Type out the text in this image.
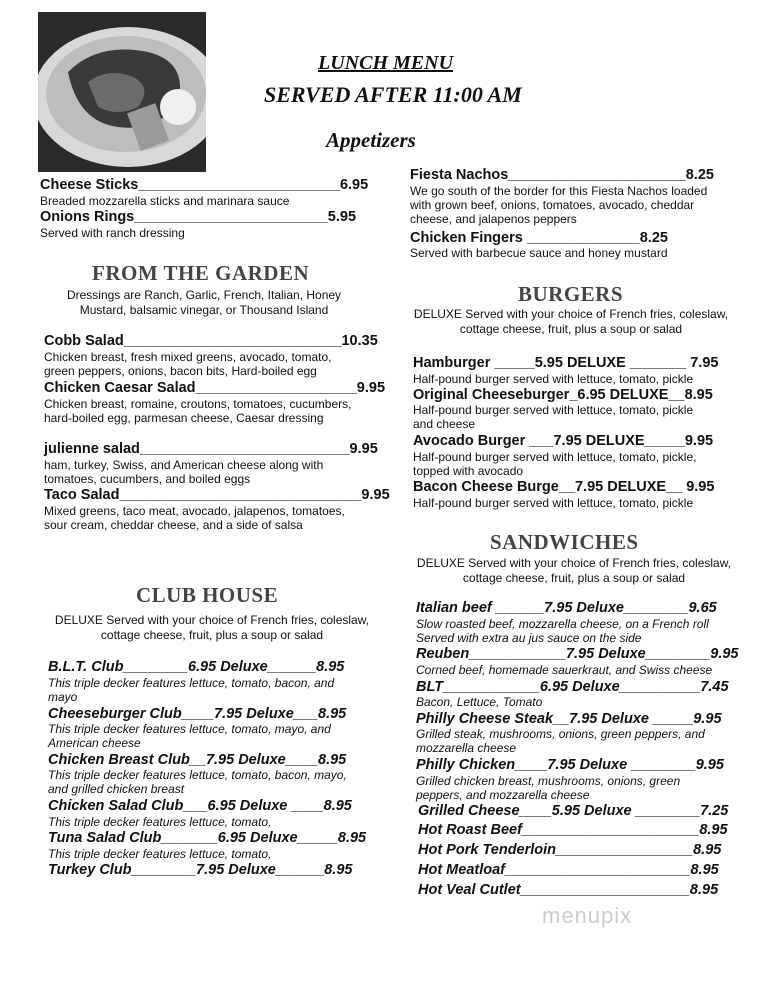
LUNCH MENU
SERVED AFTER 11:00 AM
Appetizers
Cheese Sticks_________________________6.95
Breaded mozzarella sticks and marinara sauce
Onions Rings________________________5.95
Served with ranch dressing
Fiesta Nachos______________________8.25
We go south of the border for this Fiesta Nachos loaded with grown beef, onions, tomatoes, avocado, cheddar cheese, and jalapenos peppers
Chicken Fingers ______________8.25
Served with barbecue sauce and honey mustard
FROM THE GARDEN
Dressings are Ranch, Garlic, French, Italian, Honey Mustard, balsamic vinegar, or Thousand Island
Cobb Salad___________________________10.35
Chicken breast, fresh mixed greens, avocado, tomato, green peppers, onions, bacon bits, Hard-boiled egg
Chicken Caesar Salad____________________9.95
Chicken breast, romaine, croutons, tomatoes, cucumbers, hard-boiled egg, parmesan cheese, Caesar dressing
julienne salad__________________________9.95
ham, turkey, Swiss, and American cheese along with tomatoes, cucumbers, and boiled eggs
Taco Salad______________________________9.95
Mixed greens, taco meat, avocado, jalapenos, tomatoes, sour cream, cheddar cheese, and a side of salsa
BURGERS
DELUXE Served with your choice of French fries, coleslaw, cottage cheese, fruit, plus a soup or salad
Hamburger _____5.95 DELUXE _______ 7.95
Half-pound burger served with lettuce, tomato, pickle
Original Cheeseburger_6.95 DELUXE__8.95
Half-pound burger served with lettuce, tomato, pickle and cheese
Avocado Burger ___7.95 DELUXE_____9.95
Half-pound burger served with lettuce, tomato, pickle, topped with avocado
Bacon Cheese Burge__7.95 DELUXE__ 9.95
Half-pound burger served with lettuce, tomato, pickle
CLUB HOUSE
DELUXE Served with your choice of French fries, coleslaw, cottage cheese, fruit, plus a soup or salad
B.L.T. Club________6.95 Deluxe______8.95
This triple decker features lettuce, tomato, bacon, and mayo
Cheeseburger Club____7.95 Deluxe___8.95
This triple decker features lettuce, tomato, mayo, and American cheese
Chicken Breast Club__7.95 Deluxe____8.95
This triple decker features lettuce, tomato, bacon, mayo, and grilled chicken breast
Chicken Salad Club___6.95 Deluxe ____8.95
This triple decker features lettuce, tomato,
Tuna Salad Club_______6.95 Deluxe_____8.95
This triple decker features lettuce, tomato,
Turkey Club________7.95 Deluxe______8.95
SANDWICHES
DELUXE Served with your choice of French fries, coleslaw, cottage cheese, fruit, plus a soup or salad
Italian beef ______7.95 Deluxe________9.65
Slow roasted beef, mozzarella cheese, on a French roll Served with extra au jus sauce on the side
Reuben____________7.95 Deluxe________9.95
Corned beef, homemade sauerkraut, and Swiss cheese
BLT____________6.95 Deluxe__________7.45
Bacon, Lettuce, Tomato
Philly Cheese Steak__7.95 Deluxe _____9.95
Grilled steak, mushrooms, onions, green peppers, and mozzarella cheese
Philly Chicken____7.95 Deluxe ________9.95
Grilled chicken breast, mushrooms, onions, green peppers, and mozzarella cheese
Grilled Cheese____5.95 Deluxe ________7.25
Hot Roast Beef______________________8.95
Hot Pork Tenderloin_________________8.95
Hot Meatloaf_______________________8.95
Hot Veal Cutlet_____________________8.95
menupix
